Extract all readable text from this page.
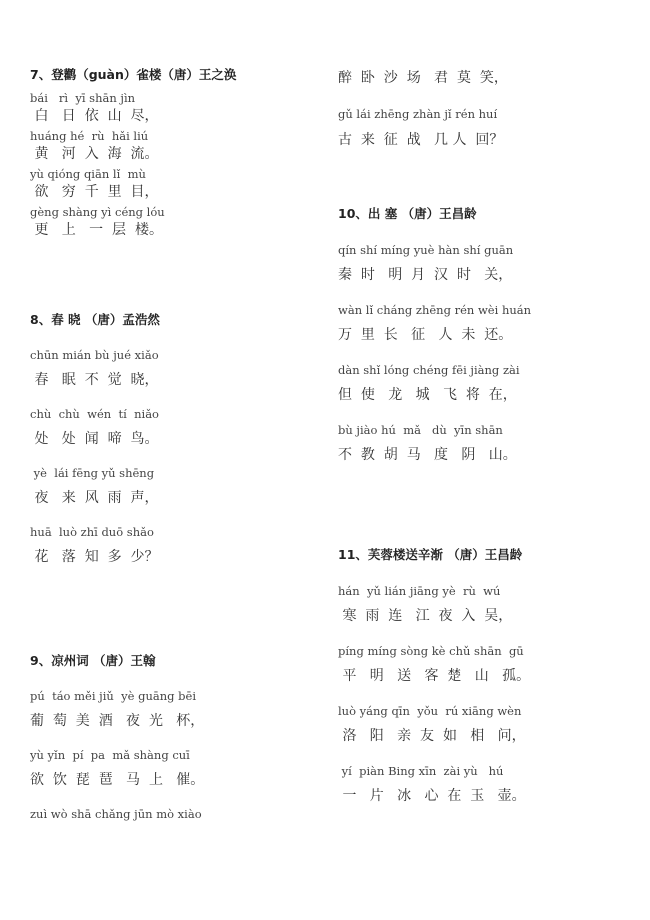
7、登鹳（guàn）雀楼（唐）王之涣
bái   rì  yī shān jìn
白   日  依  山  尽，
huáng hé  rù  hǎi liú
黄   河  入  海  流。
yù qióng qiān lǐ  mù
欲   穷  千  里  目，
gèng shàng yì céng lóu
更   上   一  层  楼。
8、春 晓 （唐）孟浩然
chūn mián bù jué xiǎo
春   眠  不  觉  晓，
chù  chù  wén  tí  niǎo
处   处  闻  啼  鸟。
yè  lái fēng yǔ shēng
夜   来  风  雨  声，
huā  luò zhī duō shǎo
花   落  知  多  少？
9、凉州词 （唐）王翰
pú  táo měi jiǔ  yè guāng bēi
葡  萄  美  酒   夜  光   杯，
yù yǐn  pí  pa  mǎ shàng cuī
欲  饮  琵  琶   马  上   催。
zuì wò shā chǎng jūn mò xiào
醉  卧  沙  场   君  莫  笑，
gǔ lái zhēng zhàn jǐ rén huí
古  来  征  战   几 人  回？
10、出 塞 （唐）王昌龄
qín shí míng yuè hàn shí guān
秦  时   明  月  汉  时   关，
wàn lǐ cháng zhēng rén wèi huán
万  里  长   征   人  未  还。
dàn shǐ lóng chéng fēi jiàng zài
但  使   龙   城   飞  将  在，
bù jiào hú  mǎ   dù  yīn shān
不  教  胡  马   度   阴   山。
11、芙蓉楼送辛渐 （唐）王昌龄
hán  yǔ lián jiāng yè  rù  wú
寒  雨  连   江  夜  入  吴，
píng míng sòng kè chǔ shān  gū
平   明   送   客  楚   山   孤。
luò yáng qīn  yǒu  rú xiāng wèn
洛   阳   亲  友  如   相   问，
yí  piàn Bing xīn  zài yù   hú
一   片   冰   心  在  玉   壶。
